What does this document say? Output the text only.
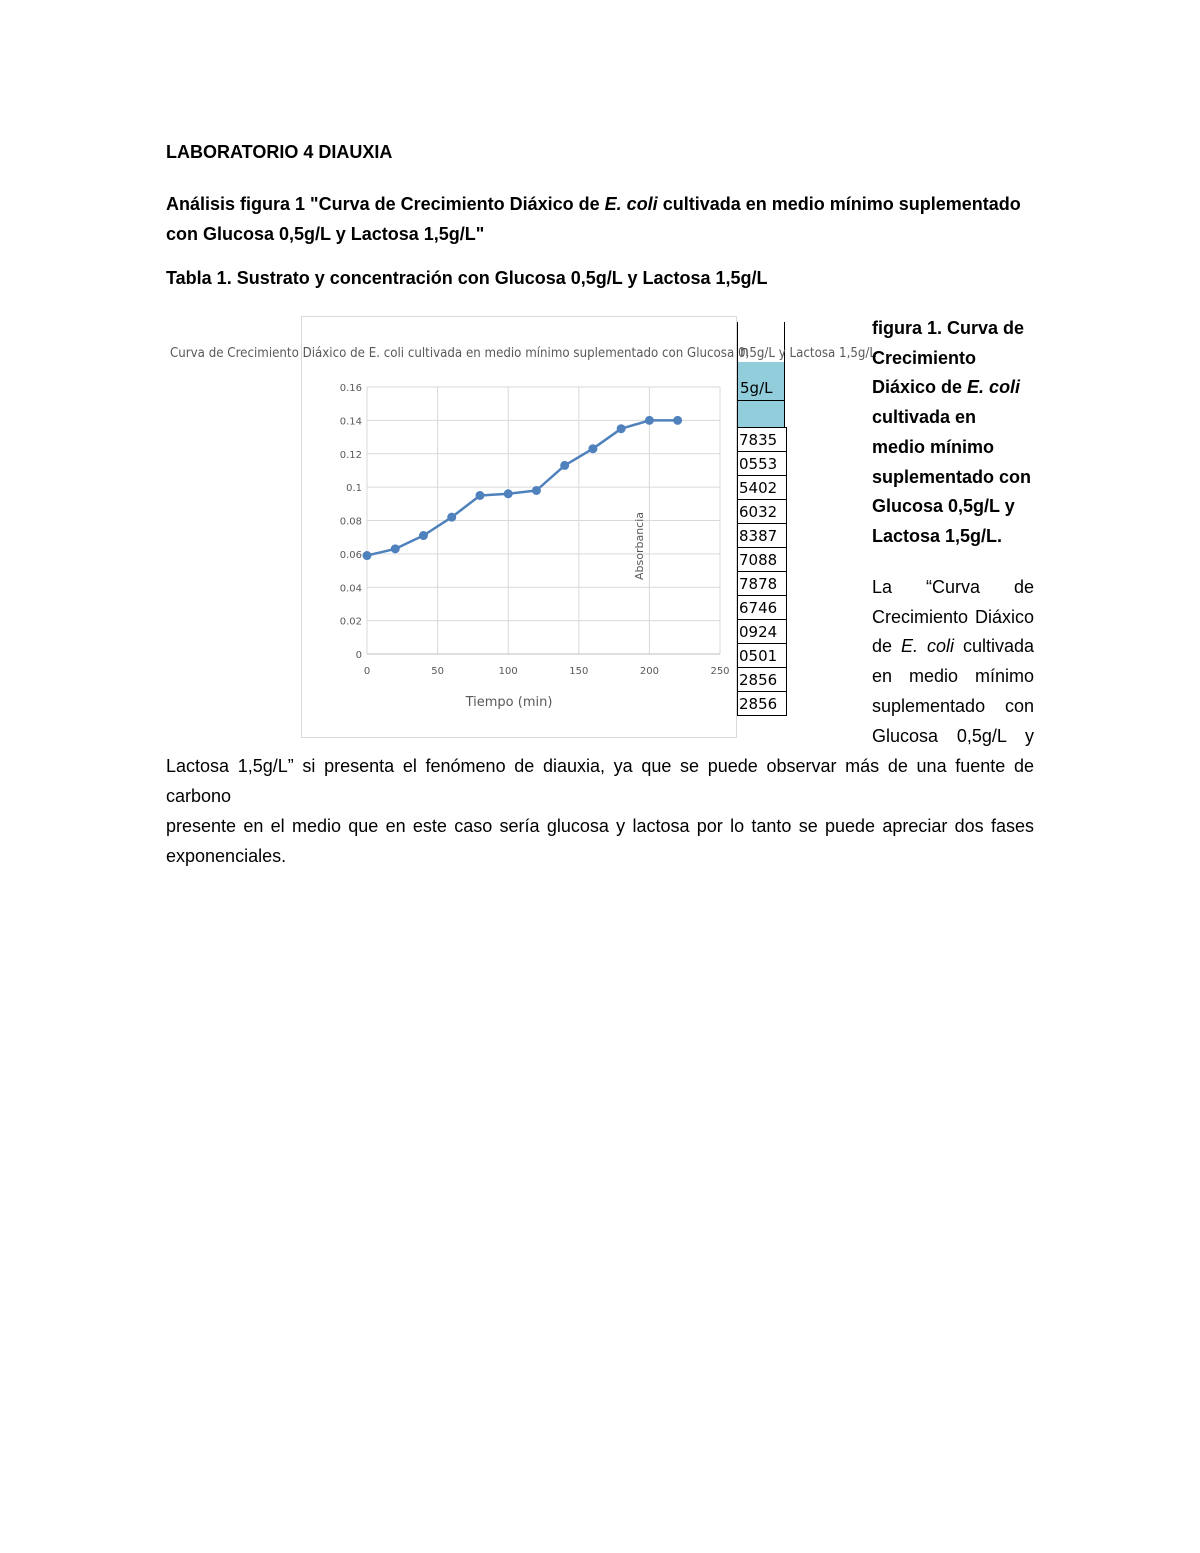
LABORATORIO 4 DIAUXIA
Análisis figura 1 "Curva de Crecimiento Diáxico de E. coli cultivada en medio mínimo suplementado con Glucosa 0,5g/L y Lactosa 1,5g/L"
Tabla 1. Sustrato y concentración con Glucosa 0,5g/L y Lactosa 1,5g/L
n
5g/L
7835
0553
5402
6032
8387
7088
7878
6746
0924
0501
2856
2856
Curva de Crecimiento Diáxico de E. coli cultivada en medio mínimo suplementado con Glucosa 0,5g/L y Lactosa 1,5g/L
0
0.02
0.04
0.06
0.08
0.1
0.12
0.14
0.16
0	50	100	150	200	250
Tiempo (min)
Absorbancia
figura 1. Curva de Crecimiento Diáxico de E. coli cultivada en medio mínimo suplementado con Glucosa 0,5g/L y Lactosa 1,5g/L.
La “Curva de
Crecimiento Diáxico
de E. coli cultivada
en medio mínimo
suplementado con
Glucosa 0,5g/L y
Lactosa 1,5g/L” si presenta el fenómeno de diauxia, ya que se puede observar más de una fuente de carbono
presente en el medio que en este caso sería glucosa y lactosa por lo tanto se puede apreciar dos fases
exponenciales.
